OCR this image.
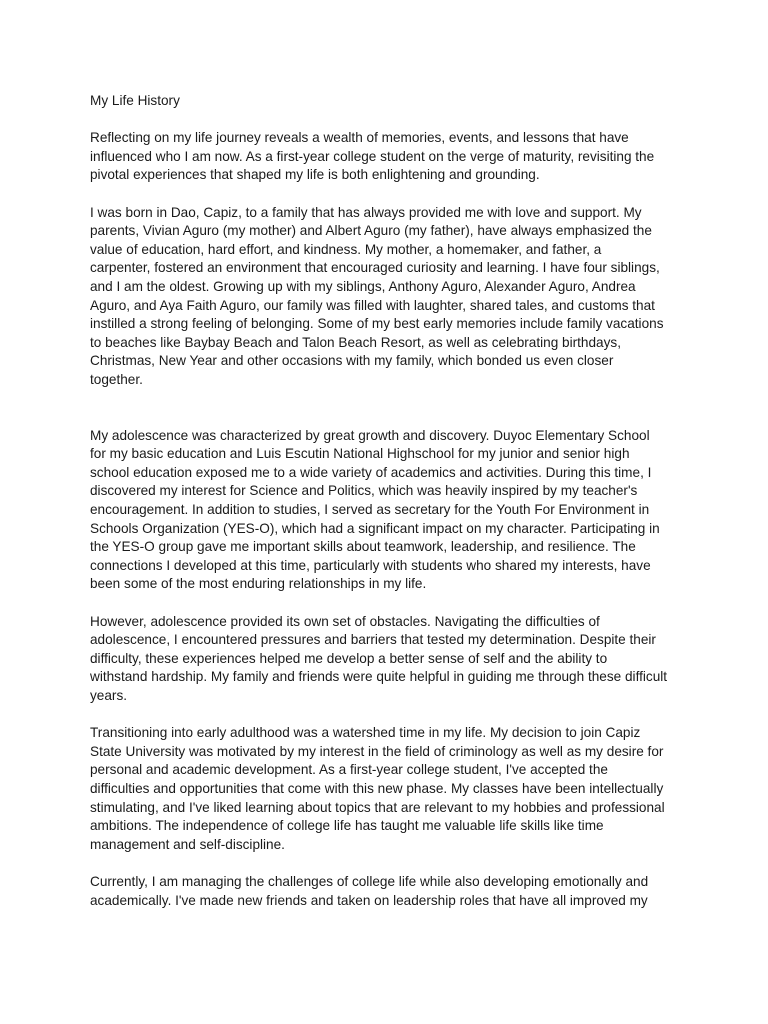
My Life History

Reflecting on my life journey reveals a wealth of memories, events, and lessons that have
influenced who I am now. As a first-year college student on the verge of maturity, revisiting the
pivotal experiences that shaped my life is both enlightening and grounding.

I was born in Dao, Capiz, to a family that has always provided me with love and support. My
parents, Vivian Aguro (my mother) and Albert Aguro (my father), have always emphasized the
value of education, hard effort, and kindness. My mother, a homemaker, and father, a
carpenter, fostered an environment that encouraged curiosity and learning. I have four siblings,
and I am the oldest. Growing up with my siblings, Anthony Aguro, Alexander Aguro, Andrea
Aguro, and Aya Faith Aguro, our family was filled with laughter, shared tales, and customs that
instilled a strong feeling of belonging. Some of my best early memories include family vacations
to beaches like Baybay Beach and Talon Beach Resort, as well as celebrating birthdays,
Christmas, New Year and other occasions with my family, which bonded us even closer
together.

My adolescence was characterized by great growth and discovery. Duyoc Elementary School
for my basic education and Luis Escutin National Highschool for my junior and senior high
school education exposed me to a wide variety of academics and activities. During this time, I
discovered my interest for Science and Politics, which was heavily inspired by my teacher's
encouragement. In addition to studies, I served as secretary for the Youth For Environment in
Schools Organization (YES-O), which had a significant impact on my character. Participating in
the YES-O group gave me important skills about teamwork, leadership, and resilience. The
connections I developed at this time, particularly with students who shared my interests, have
been some of the most enduring relationships in my life.

However, adolescence provided its own set of obstacles. Navigating the difficulties of
adolescence, I encountered pressures and barriers that tested my determination. Despite their
difficulty, these experiences helped me develop a better sense of self and the ability to
withstand hardship. My family and friends were quite helpful in guiding me through these difficult
years.

Transitioning into early adulthood was a watershed time in my life. My decision to join Capiz
State University was motivated by my interest in the field of criminology as well as my desire for
personal and academic development. As a first-year college student, I've accepted the
difficulties and opportunities that come with this new phase. My classes have been intellectually
stimulating, and I've liked learning about topics that are relevant to my hobbies and professional
ambitions. The independence of college life has taught me valuable life skills like time
management and self-discipline.

Currently, I am managing the challenges of college life while also developing emotionally and
academically. I've made new friends and taken on leadership roles that have all improved my
